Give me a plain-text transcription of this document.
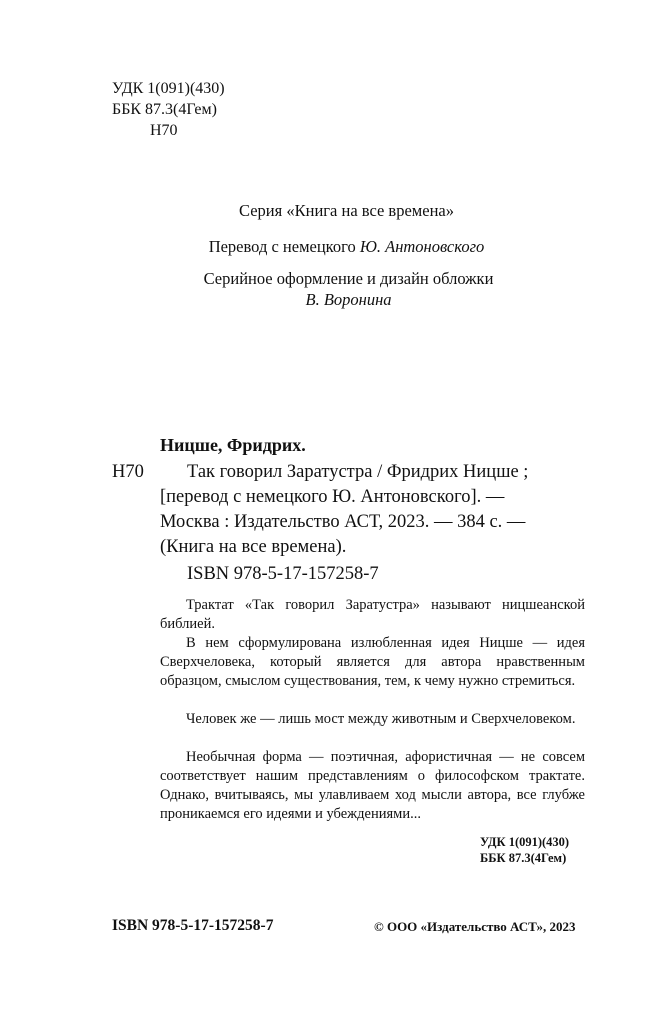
УДК 1(091)(430)
ББК 87.3(4Гем)
Н70
Серия «Книга на все времена»
Перевод с немецкого Ю. Антоновского
Серийное оформление и дизайн обложки
В. Воронина
Ницше, Фридрих.
Н70 Так говорил Заратустра / Фридрих Ницше ;
[перевод с немецкого Ю. Антоновского]. —
Москва : Издательство АСТ, 2023. — 384 с. —
(Книга на все времена).
ISBN 978-5-17-157258-7

Трактат «Так говорил Заратустра» называют ницшеанской библией.

В нем сформулирована излюбленная идея Ницше — идея Сверхчеловека, который является для автора нравственным образцом, смыслом существования, тем, к чему нужно стремиться.

Человек же — лишь мост между животным и Сверхчеловеком.

Необычная форма — поэтичная, афористичная — не совсем соответствует нашим представлениям о философском трактате. Однако, вчитываясь, мы улавливаем ход мысли автора, все глубже проникаемся его идеями и убеждениями...

УДК 1(091)(430)
ББК 87.3(4Гем)
ISBN 978-5-17-157258-7	© ООО «Издательство АСТ», 2023
